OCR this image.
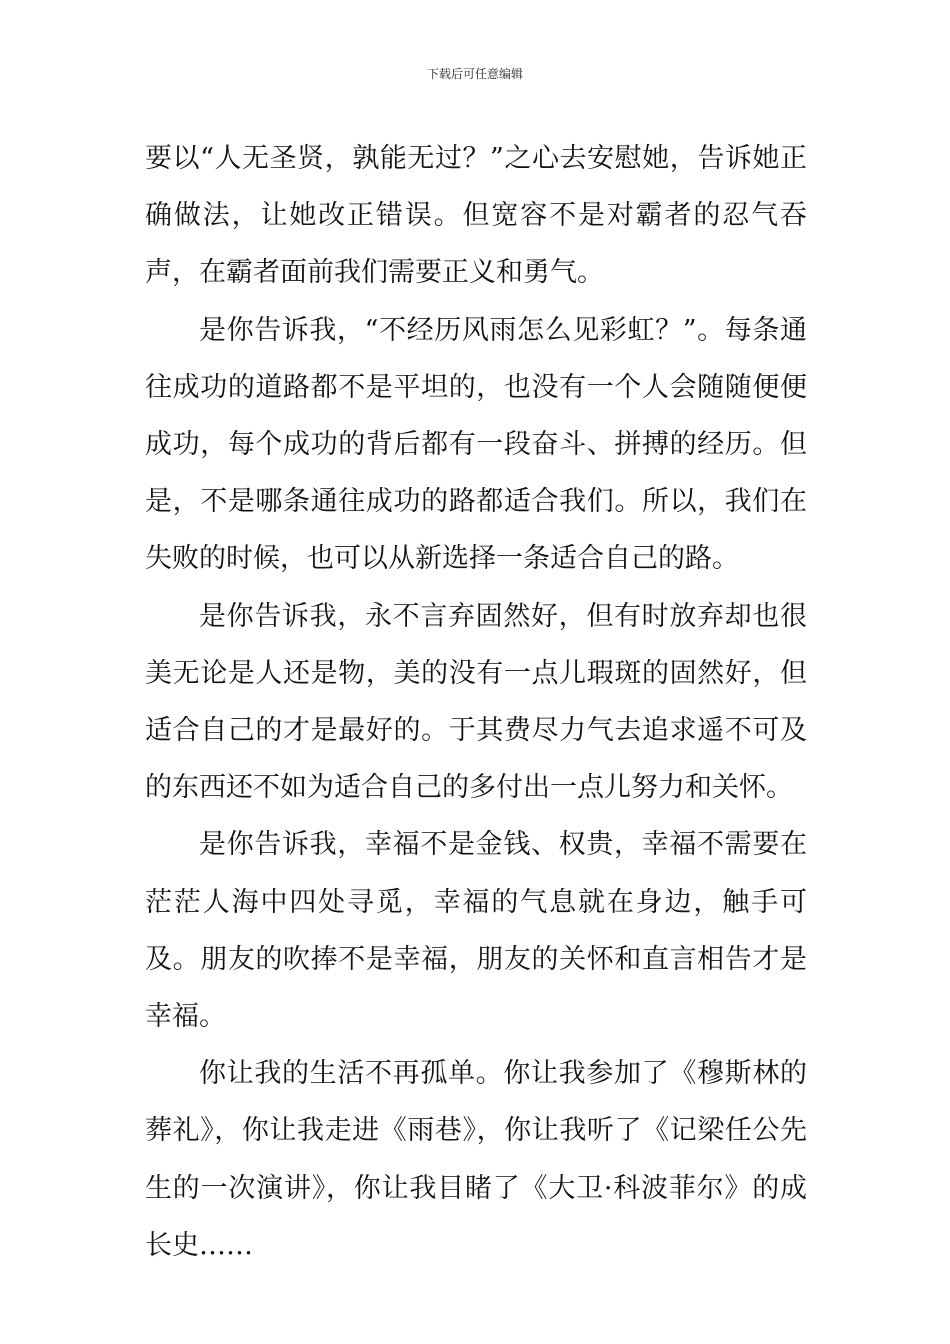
下载后可任意编辑

要以“人无圣贤，孰能无过？”之心去安慰她，告诉她正确做法，让她改正错误。但宽容不是对霸者的忍气吞声，在霸者面前我们需要正义和勇气。

是你告诉我，“不经历风雨怎么见彩虹？”。每条通往成功的道路都不是平坦的，也没有一个人会随随便便成功，每个成功的背后都有一段奋斗、拼搏的经历。但是，不是哪条通往成功的路都适合我们。所以，我们在失败的时候，也可以从新选择一条适合自己的路。

是你告诉我，永不言弃固然好，但有时放弃却也很美无论是人还是物，美的没有一点儿瑕斑的固然好，但适合自己的才是最好的。于其费尽力气去追求遥不可及的东西还不如为适合自己的多付出一点儿努力和关怀。

是你告诉我，幸福不是金钱、权贵，幸福不需要在茫茫人海中四处寻觅，幸福的气息就在身边，触手可及。朋友的吹捧不是幸福，朋友的关怀和直言相告才是幸福。

你让我的生活不再孤单。你让我参加了《穆斯林的葬礼》，你让我走进《雨巷》，你让我听了《记梁任公先生的一次演讲》，你让我目睹了《大卫·科波菲尔》的成长史……
